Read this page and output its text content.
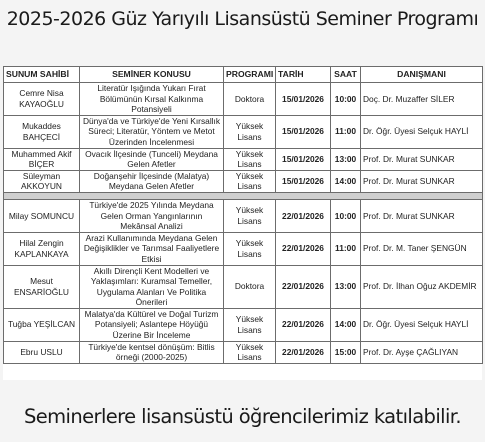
2025-2026 Güz Yarıyılı Lisansüstü Seminer Programı
SUNUM SAHİBİ	SEMİNER KONUSU	PROGRAMI	TARİH	SAAT	DANIŞMANI
Cemre Nisa KAYAOĞLU	Literatür Işığında Yukarı Fırat Bölümünün Kırsal Kalkınma Potansiyeli	Doktora	15/01/2026	10:00	Doç. Dr. Muzaffer SİLER
Mukaddes BAHÇECİ	Dünya'da ve Türkiye'de Yeni Kırsallık Süreci; Literatür, Yöntem ve Metot Üzerinden İncelenmesi	Yüksek Lisans	15/01/2026	11:00	Dr. Öğr. Üyesi Selçuk HAYLİ
Muhammed Akif BİÇER	Ovacık İlçesinde (Tunceli) Meydana Gelen Afetler	Yüksek Lisans	15/01/2026	13:00	Prof. Dr. Murat SUNKAR
Süleyman AKKOYUN	Doğanşehir İlçesinde (Malatya) Meydana Gelen Afetler	Yüksek Lisans	15/01/2026	14:00	Prof. Dr. Murat SUNKAR

Milay SOMUNCU	Türkiye'de 2025 Yılında Meydana Gelen Orman Yangınlarının Mekânsal Analizi	Yüksek Lisans	22/01/2026	10:00	Prof. Dr. Murat SUNKAR
Hilal Zengin KAPLANKAYA	Arazi Kullanımında Meydana Gelen Değişiklikler ve Tarımsal Faaliyetlere Etkisi	Yüksek Lisans	22/01/2026	11:00	Prof. Dr. M. Taner ŞENGÜN
Mesut ENSARİOĞLU	Akıllı Dirençli Kent Modelleri ve Yaklaşımları: Kuramsal Temeller, Uygulama Alanları Ve Politika Önerileri	Doktora	22/01/2026	13:00	Prof. Dr. İlhan Oğuz AKDEMİR
Tuğba YEŞİLCAN	Malatya'da Kültürel ve Doğal Turizm Potansiyeli; Aslantepe Höyüğü Üzerine Bir İnceleme	Yüksek Lisans	22/01/2026	14:00	Dr. Öğr. Üyesi Selçuk HAYLİ
Ebru USLU	Türkiye'de kentsel dönüşüm: Bitlis örneği (2000-2025)	Yüksek Lisans	22/01/2026	15:00	Prof. Dr. Ayşe ÇAĞLIYAN
Seminerlere lisansüstü öğrencilerimiz katılabilir.
